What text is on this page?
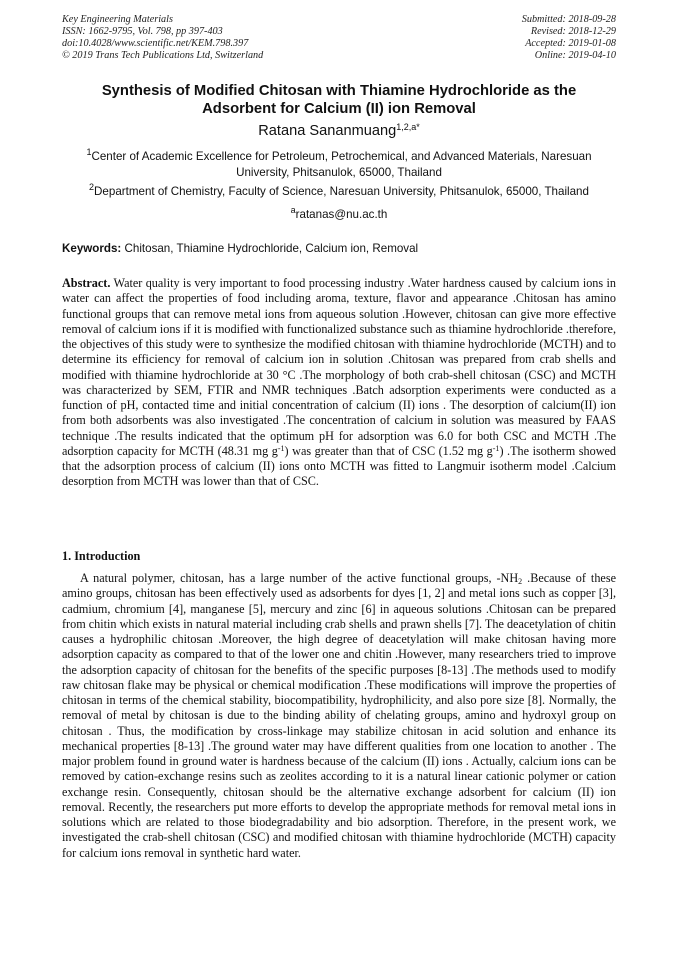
Key Engineering Materials
ISSN: 1662-9795, Vol. 798, pp 397-403
doi:10.4028/www.scientific.net/KEM.798.397
© 2019 Trans Tech Publications Ltd, Switzerland
Submitted: 2018-09-28
Revised: 2018-12-29
Accepted: 2019-01-08
Online: 2019-04-10
Synthesis of Modified Chitosan with Thiamine Hydrochloride as the
Adsorbent for Calcium (II) ion Removal
Ratana Sananmuang$^{1,2,a*}$
$^1$Center of Academic Excellence for Petroleum, Petrochemical, and Advanced Materials, Naresuan University, Phitsanulok, 65000, Thailand
$^2$Department of Chemistry, Faculty of Science, Naresuan University, Phitsanulok, 65000, Thailand
$^a$ratanas@nu.ac.th
Keywords: Chitosan, Thiamine Hydrochloride, Calcium ion, Removal

Abstract. Water quality is very important to food processing industry .Water hardness caused by calcium ions in water can affect the properties of food including aroma, texture, flavor and appearance .Chitosan has amino functional groups that can remove metal ions from aqueous solution .However, chitosan can give more effective removal of calcium ions if it is modified with functionalized substance such as thiamine hydrochloride .therefore, the objectives of this study were to synthesize the modified chitosan with thiamine hydrochloride (MCTH) and to determine its efficiency for removal of calcium ion in solution .Chitosan was prepared from crab shells and modified with thiamine hydrochloride at 30 °C .The morphology of both crab-shell chitosan (CSC) and MCTH was characterized by SEM, FTIR and NMR techniques .Batch adsorption experiments were conducted as a function of pH, contacted time and initial concentration of calcium (II) ions . The desorption of calcium(II) ion from both adsorbents was also investigated .The concentration of calcium in solution was measured by FAAS technique .The results indicated that the optimum pH for adsorption was 6.0 for both CSC and MCTH .The adsorption capacity for MCTH (48.31 mg $g^{-1}$) was greater than that of CSC (1.52 mg $g^{-1}$) .The isotherm showed that the adsorption process of calcium (II) ions onto MCTH was fitted to Langmuir isotherm model .Calcium desorption from MCTH was lower than that of CSC.

1. Introduction

A natural polymer, chitosan, has a large number of the active functional groups, $-NH_2$ .Because of these amino groups, chitosan has been effectively used as adsorbents for dyes [1, 2] and metal ions such as copper [3], cadmium, chromium [4], manganese [5], mercury and zinc [6] in aqueous solutions .Chitosan can be prepared from chitin which exists in natural material including crab shells and prawn shells [7]. The deacetylation of chitin causes a hydrophilic chitosan .Moreover, the high degree of deacetylation will make chitosan having more adsorption capacity as compared to that of the lower one and chitin .However, many researchers tried to improve the adsorption capacity of chitosan for the benefits of the specific purposes [8-13] .The methods used to modify raw chitosan flake may be physical or chemical modification .These modifications will improve the properties of chitosan in terms of the chemical stability, biocompatibility, hydrophilicity, and also pore size [8]. Normally, the removal of metal by chitosan is due to the binding ability of chelating groups, amino and hydroxyl group on chitosan . Thus, the modification by cross-linkage may stabilize chitosan in acid solution and enhance its mechanical properties [8-13] .The ground water may have different qualities from one location to another . The major problem found in ground water is hardness because of the calcium (II) ions . Actually, calcium ions can be removed by cation-exchange resins such as zeolites according to it is a natural linear cationic polymer or cation exchange resin. Consequently, chitosan should be the alternative exchange adsorbent for calcium (II) ion removal. Recently, the researchers put more efforts to develop the appropriate methods for removal metal ions in solutions which are related to those biodegradability and bio adsorption. Therefore, in the present work, we investigated the crab-shell chitosan (CSC) and modified chitosan with thiamine hydrochloride (MCTH) capacity for calcium ions removal in synthetic hard water.
